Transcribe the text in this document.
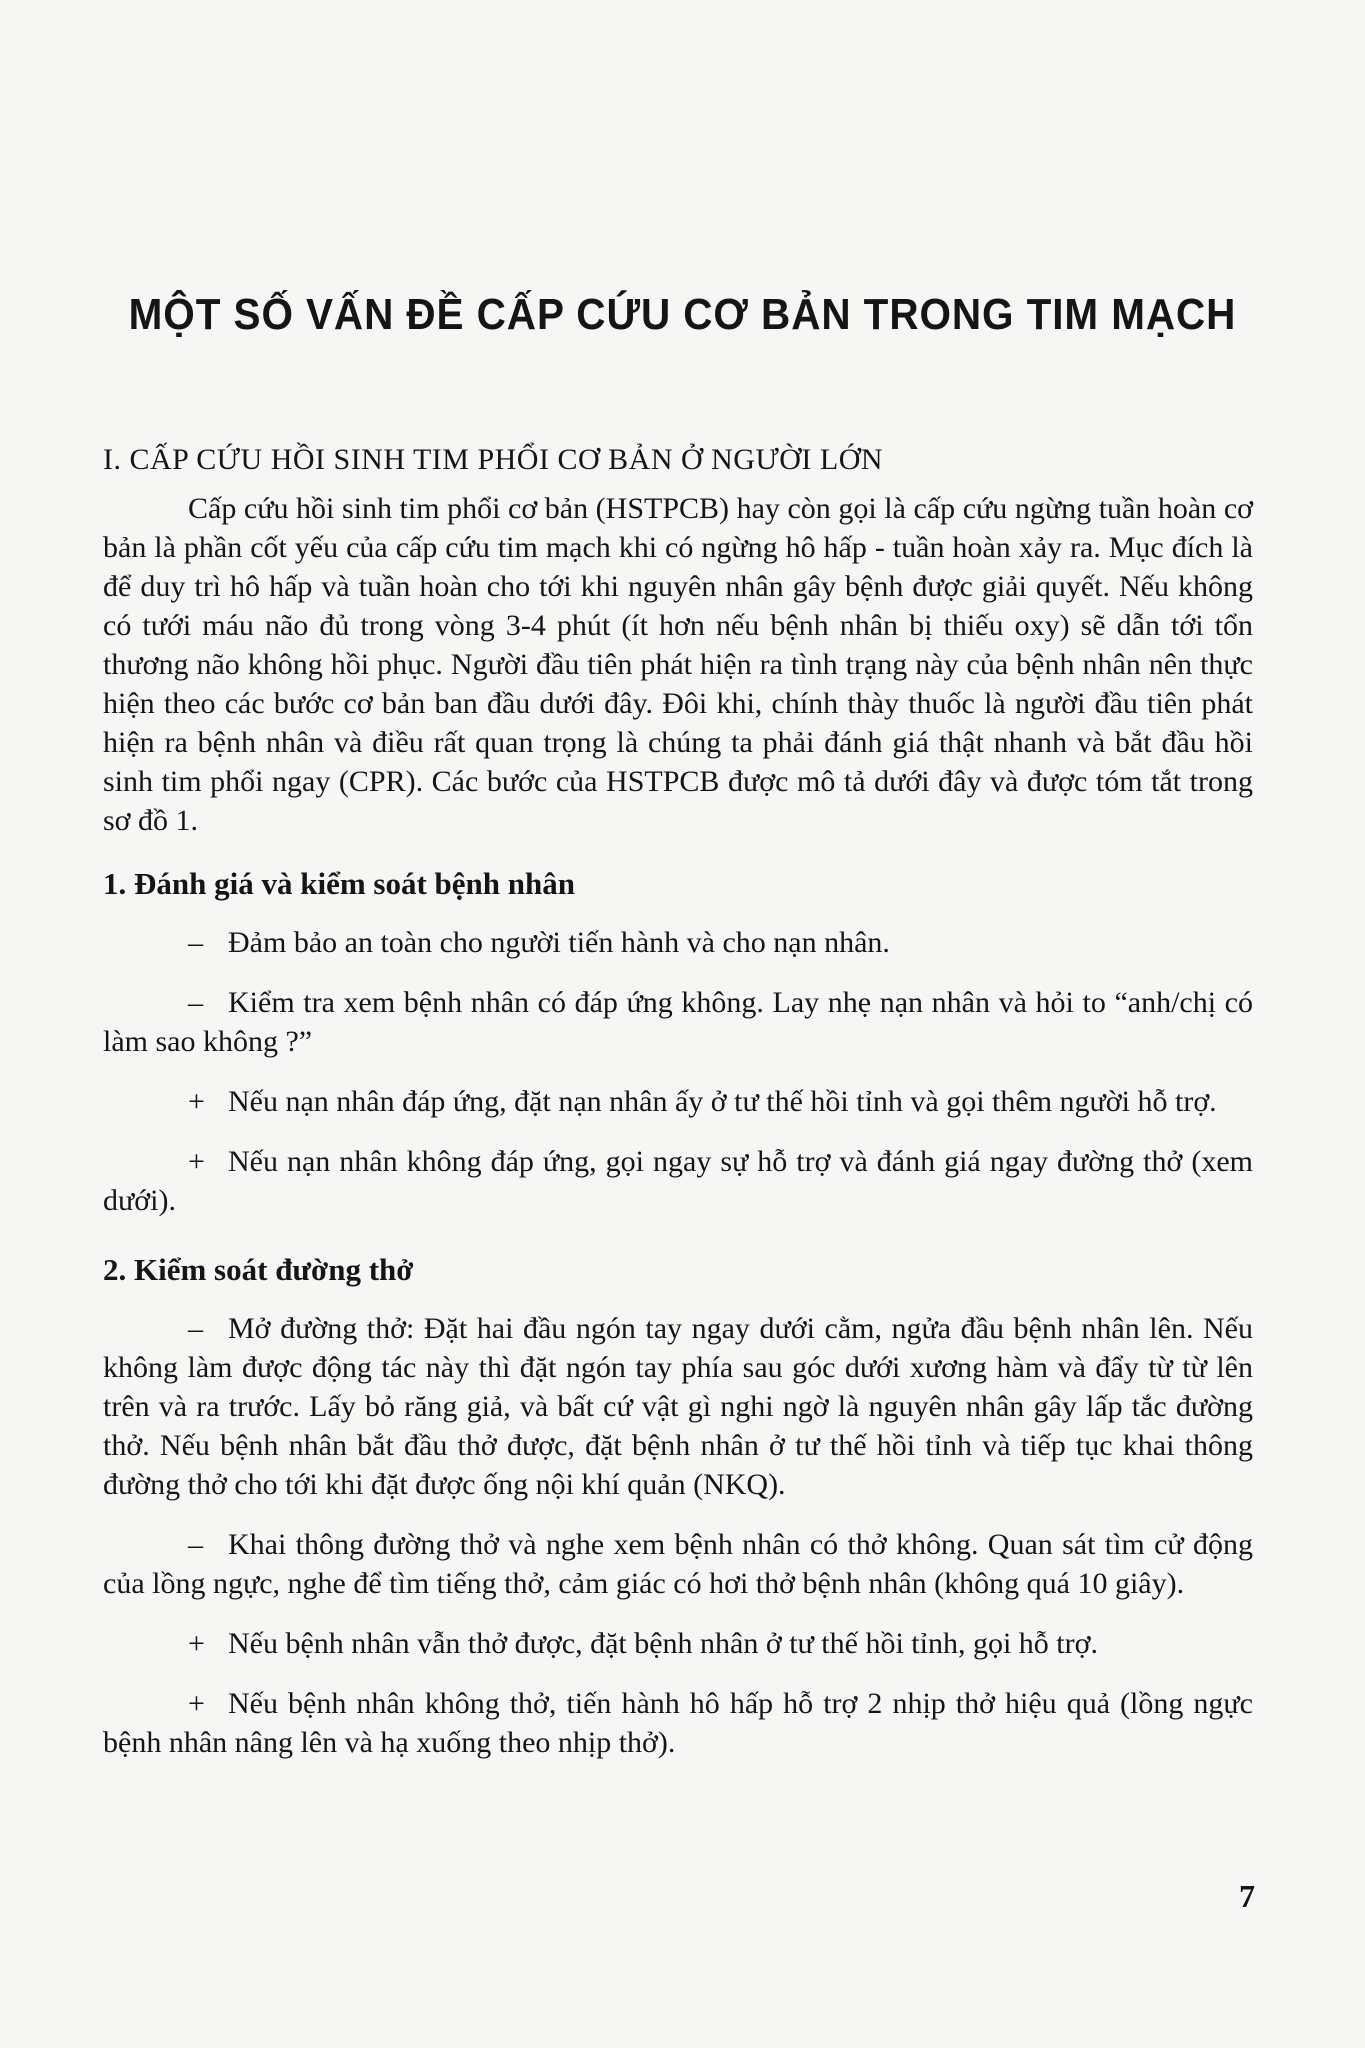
MỘT SỐ VẤN ĐỀ CẤP CỨU CƠ BẢN TRONG TIM MẠCH
I. CẤP CỨU HỒI SINH TIM PHỔI CƠ BẢN Ở NGƯỜI LỚN

Cấp cứu hồi sinh tim phổi cơ bản (HSTPCB) hay còn gọi là cấp cứu ngừng tuần hoàn cơ bản là phần cốt yếu của cấp cứu tim mạch khi có ngừng hô hấp - tuần hoàn xảy ra. Mục đích là để duy trì hô hấp và tuần hoàn cho tới khi nguyên nhân gây bệnh được giải quyết. Nếu không có tưới máu não đủ trong vòng 3-4 phút (ít hơn nếu bệnh nhân bị thiếu oxy) sẽ dẫn tới tổn thương não không hồi phục. Người đầu tiên phát hiện ra tình trạng này của bệnh nhân nên thực hiện theo các bước cơ bản ban đầu dưới đây. Đôi khi, chính thày thuốc là người đầu tiên phát hiện ra bệnh nhân và điều rất quan trọng là chúng ta phải đánh giá thật nhanh và bắt đầu hồi sinh tim phổi ngay (CPR). Các bước của HSTPCB được mô tả dưới đây và được tóm tắt trong sơ đồ 1.

1. Đánh giá và kiểm soát bệnh nhân

– Đảm bảo an toàn cho người tiến hành và cho nạn nhân.

– Kiểm tra xem bệnh nhân có đáp ứng không. Lay nhẹ nạn nhân và hỏi to “anh/chị có làm sao không ?”

+ Nếu nạn nhân đáp ứng, đặt nạn nhân ấy ở tư thế hồi tỉnh và gọi thêm người hỗ trợ.

+ Nếu nạn nhân không đáp ứng, gọi ngay sự hỗ trợ và đánh giá ngay đường thở (xem dưới).

2. Kiểm soát đường thở

– Mở đường thở: Đặt hai đầu ngón tay ngay dưới cằm, ngửa đầu bệnh nhân lên. Nếu không làm được động tác này thì đặt ngón tay phía sau góc dưới xương hàm và đẩy từ từ lên trên và ra trước. Lấy bỏ răng giả, và bất cứ vật gì nghi ngờ là nguyên nhân gây lấp tắc đường thở. Nếu bệnh nhân bắt đầu thở được, đặt bệnh nhân ở tư thế hồi tỉnh và tiếp tục khai thông đường thở cho tới khi đặt được ống nội khí quản (NKQ).

– Khai thông đường thở và nghe xem bệnh nhân có thở không. Quan sát tìm cử động của lồng ngực, nghe để tìm tiếng thở, cảm giác có hơi thở bệnh nhân (không quá 10 giây).

+ Nếu bệnh nhân vẫn thở được, đặt bệnh nhân ở tư thế hồi tỉnh, gọi hỗ trợ.

+ Nếu bệnh nhân không thở, tiến hành hô hấp hỗ trợ 2 nhịp thở hiệu quả (lồng ngực bệnh nhân nâng lên và hạ xuống theo nhịp thở).

7
